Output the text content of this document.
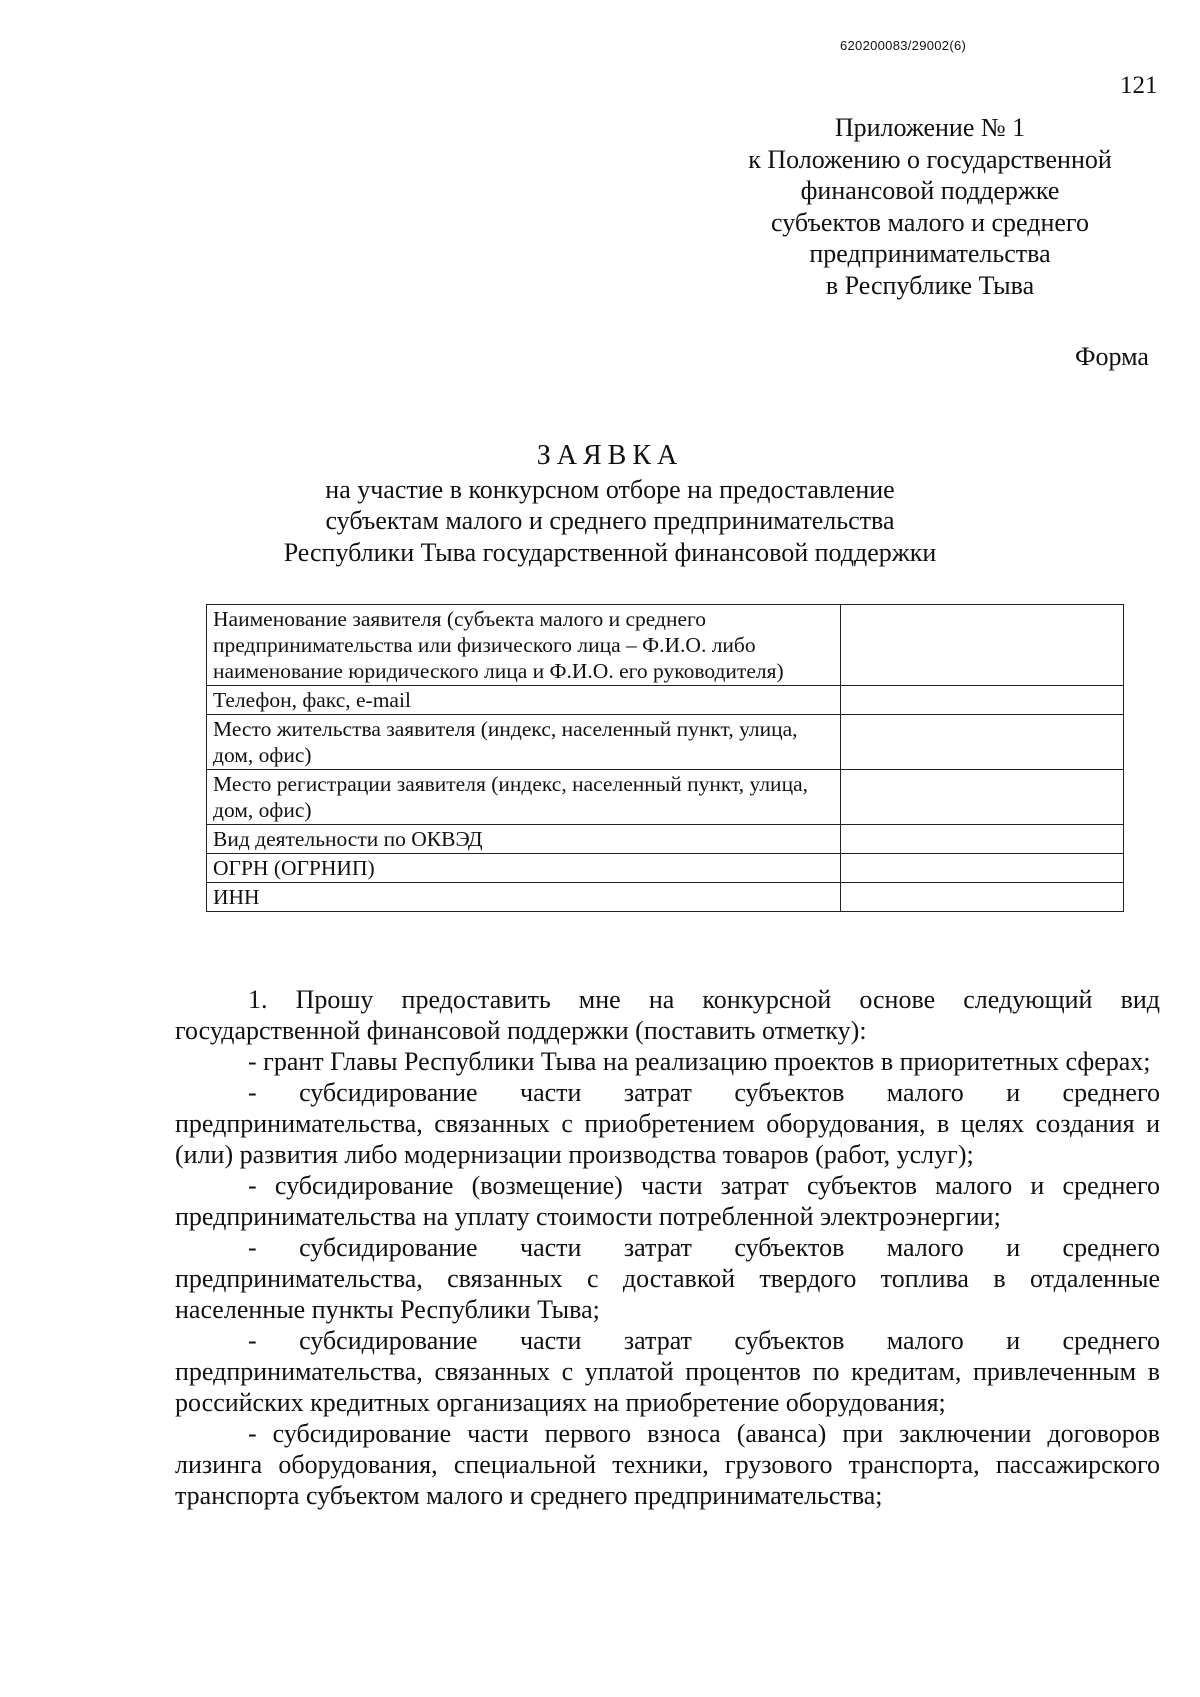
620200083/29002(6)
121
Приложение № 1
к Положению о государственной
финансовой поддержке
субъектов малого и среднего
предпринимательства
в Республике Тыва
Форма
ЗАЯВКА
на участие в конкурсном отборе на предоставление
субъектам малого и среднего предпринимательства
Республики Тыва государственной финансовой поддержки
Наименование заявителя (субъекта малого и среднего предпринимательства или физического лица – Ф.И.О. либо наименование юридического лица и Ф.И.О. его руководителя)	
Телефон, факс, e-mail	
Место жительства заявителя (индекс, населенный пункт, улица, дом, офис)	
Место регистрации заявителя (индекс, населенный пункт, улица, дом, офис)	
Вид деятельности по ОКВЭД	
ОГРН (ОГРНИП)	
ИНН	

1. Прошу предоставить мне на конкурсной основе следующий вид государственной финансовой поддержки (поставить отметку):

- грант Главы Республики Тыва на реализацию проектов в приоритетных сферах;

- субсидирование части затрат субъектов малого и среднего предпринимательства, связанных с приобретением оборудования, в целях создания и (или) развития либо модернизации производства товаров (работ, услуг);

- субсидирование (возмещение) части затрат субъектов малого и среднего предпринимательства на уплату стоимости потребленной электроэнергии;

- субсидирование части затрат субъектов малого и среднего предпринимательства, связанных с доставкой твердого топлива в отдаленные населенные пункты Республики Тыва;

- субсидирование части затрат субъектов малого и среднего предпринимательства, связанных с уплатой процентов по кредитам, привлеченным в российских кредитных организациях на приобретение оборудования;

- субсидирование части первого взноса (аванса) при заключении договоров лизинга оборудования, специальной техники, грузового транспорта, пассажирского транспорта субъектом малого и среднего предпринимательства;
